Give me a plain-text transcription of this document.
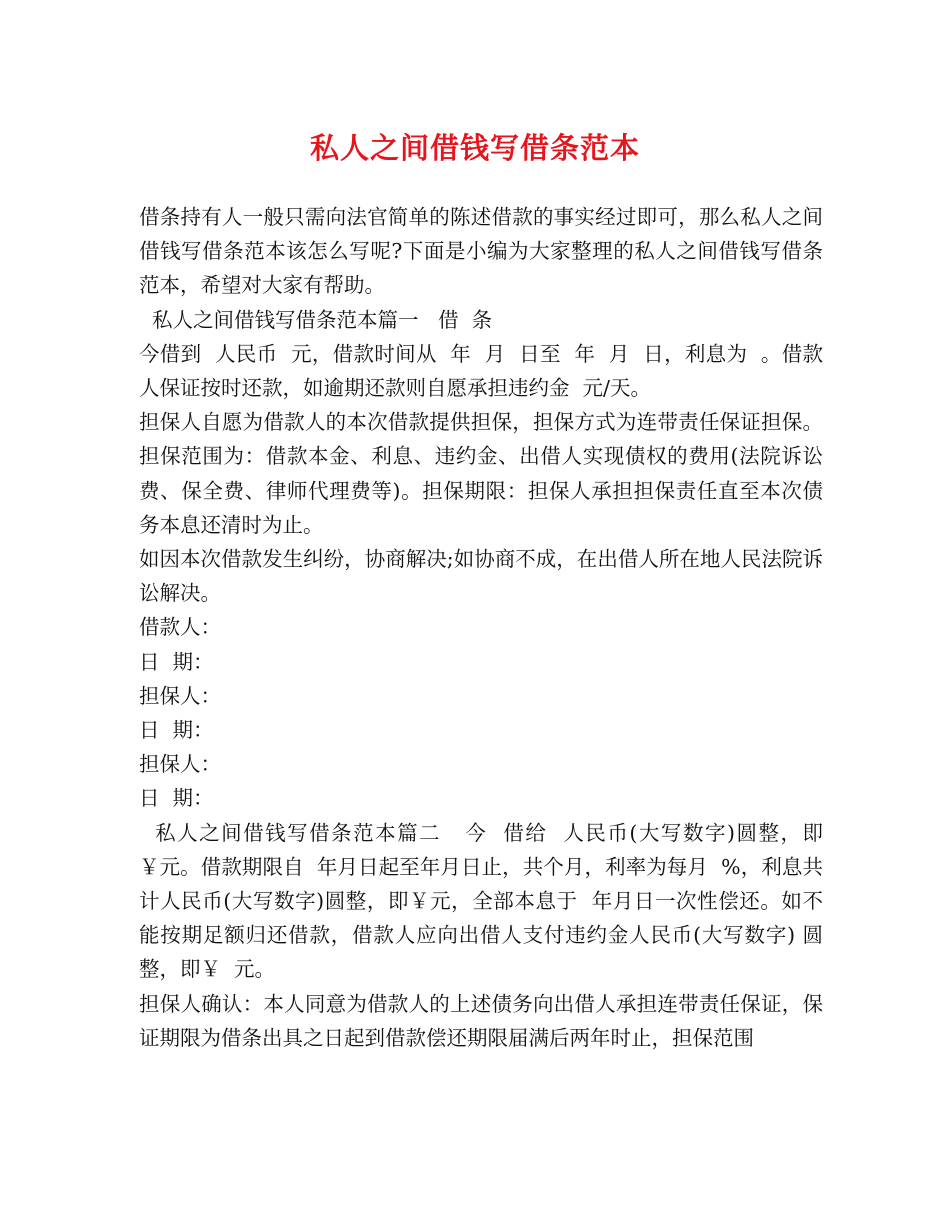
私人之间借钱写借条范本

借条持有人一般只需向法官简单的陈述借款的事实经过即可，那么私人之间借钱写借条范本该怎么写呢?下面是小编为大家整理的私人之间借钱写借条范本，希望对大家有帮助。

私人之间借钱写借条范本篇一   借  条

今借到  人民币  元，借款时间从  年  月  日至  年  月  日，利息为  。借款人保证按时还款，如逾期还款则自愿承担违约金  元/天。

担保人自愿为借款人的本次借款提供担保，担保方式为连带责任保证担保。担保范围为：借款本金、利息、违约金、出借人实现债权的费用(法院诉讼费、保全费、律师代理费等)。担保期限：担保人承担担保责任直至本次债务本息还清时为止。

如因本次借款发生纠纷，协商解决;如协商不成，在出借人所在地人民法院诉讼解决。

借款人：

日  期：

担保人：

日  期：

担保人：

日  期：

私人之间借钱写借条范本篇二   今  借给  人民币(大写数字)圆整，即￥元。借款期限自  年月日起至年月日止，共个月，利率为每月  %，利息共计人民币(大写数字)圆整，即￥元，全部本息于  年月日一次性偿还。如不能按期足额归还借款，借款人应向出借人支付违约金人民币(大写数字) 圆整，即￥  元。

担保人确认：本人同意为借款人的上述债务向出借人承担连带责任保证，保证期限为借条出具之日起到借款偿还期限届满后两年时止，担保范围
